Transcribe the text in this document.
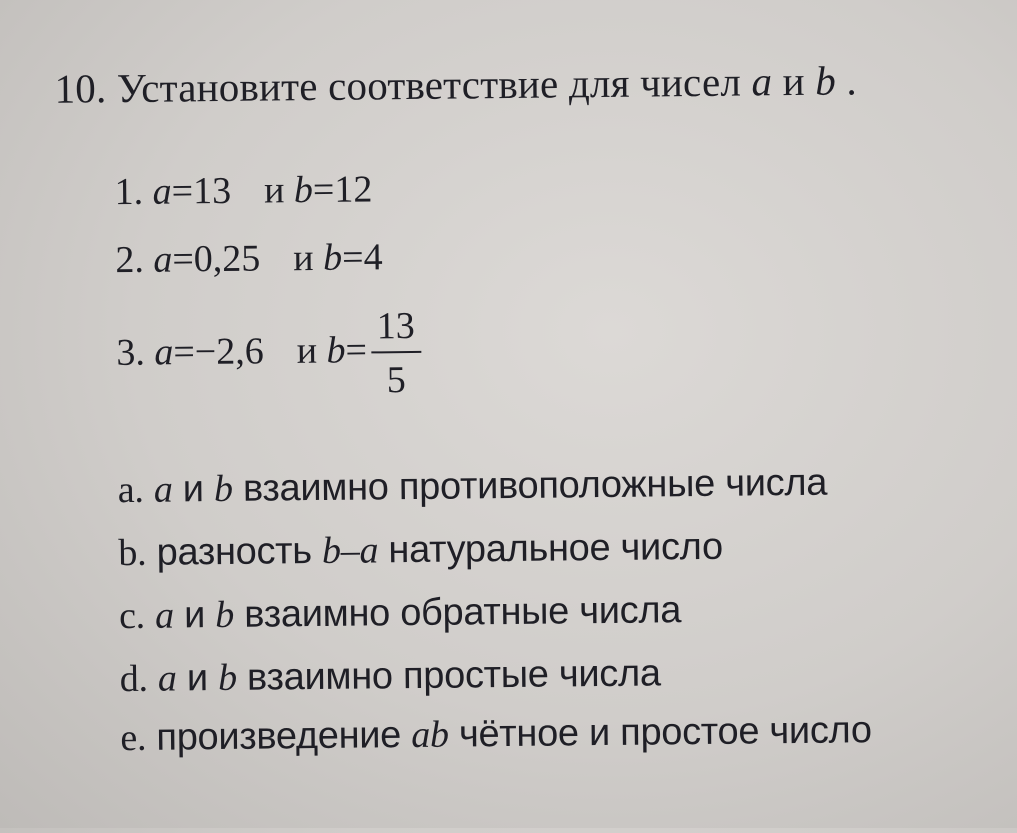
10. Установите соответствие для чисел a и b .
1. a=13 и b=12
2. a=0,25 и b=4
3. a=−2,6 и $b= \frac{13}{5}$
a. a и b взаимно противоположные числа
b. разность b–a натуральное число
c. a и b взаимно обратные числа
d. a и b взаимно простые числа
e. произведение ab чётное и простое число
